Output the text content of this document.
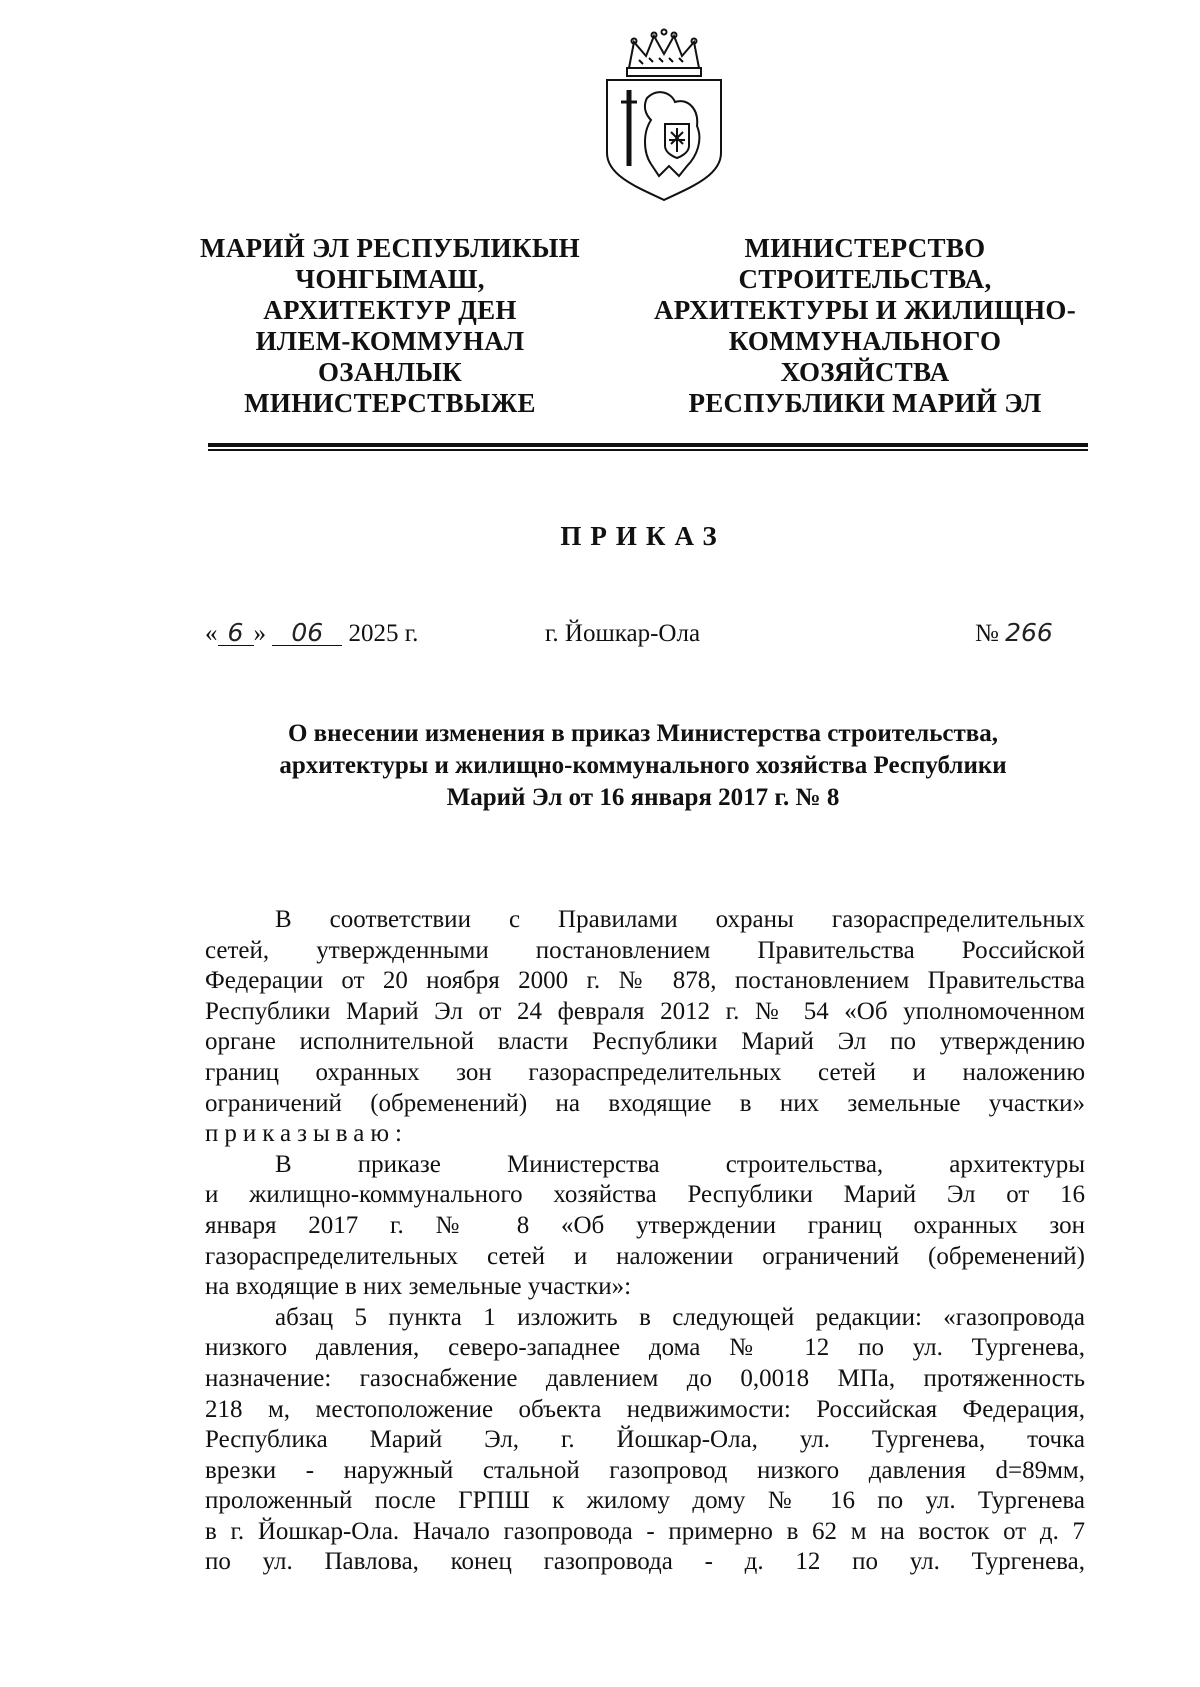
МАРИЙ ЭЛ РЕСПУБЛИКЫН
ЧОНГЫМАШ,
АРХИТЕКТУР ДЕН
ИЛЕМ-КОММУНАЛ
ОЗАНЛЫК
МИНИСТЕРСТВЫЖЕ
МИНИСТЕРСТВО
СТРОИТЕЛЬСТВА,
АРХИТЕКТУРЫ И ЖИЛИЩНО-
КОММУНАЛЬНОГО
ХОЗЯЙСТВА
РЕСПУБЛИКИ МАРИЙ ЭЛ
ПРИКАЗ
« 6 » 06 2025 г.	г. Йошкар-Ола	№ 266
О внесении изменения в приказ Министерства строительства,
архитектуры и жилищно-коммунального хозяйства Республики
Марий Эл от 16 января 2017 г. № 8
В соответствии с Правилами охраны газораспределительных
сетей, утвержденными постановлением Правительства Российской
Федерации от 20 ноября 2000 г. № 878, постановлением Правительства
Республики Марий Эл от 24 февраля 2012 г. № 54 «Об уполномоченном
органе исполнительной власти Республики Марий Эл по утверждению
границ охранных зон газораспределительных сетей и наложению
ограничений (обременений) на входящие в них земельные участки»
приказываю:
В приказе Министерства строительства, архитектуры
и жилищно-коммунального хозяйства Республики Марий Эл от 16
января 2017 г. № 8 «Об утверждении границ охранных зон
газораспределительных сетей и наложении ограничений (обременений)
на входящие в них земельные участки»:
абзац 5 пункта 1 изложить в следующей редакции: «газопровода
низкого давления, северо-западнее дома № 12 по ул. Тургенева,
назначение: газоснабжение давлением до 0,0018 МПа, протяженность
218 м, местоположение объекта недвижимости: Российская Федерация,
Республика Марий Эл, г. Йошкар-Ола, ул. Тургенева, точка
врезки - наружный стальной газопровод низкого давления d=89мм,
проложенный после ГРПШ к жилому дому № 16 по ул. Тургенева
в г. Йошкар-Ола. Начало газопровода - примерно в 62 м на восток от д. 7
по ул. Павлова, конец газопровода - д. 12 по ул. Тургенева,
